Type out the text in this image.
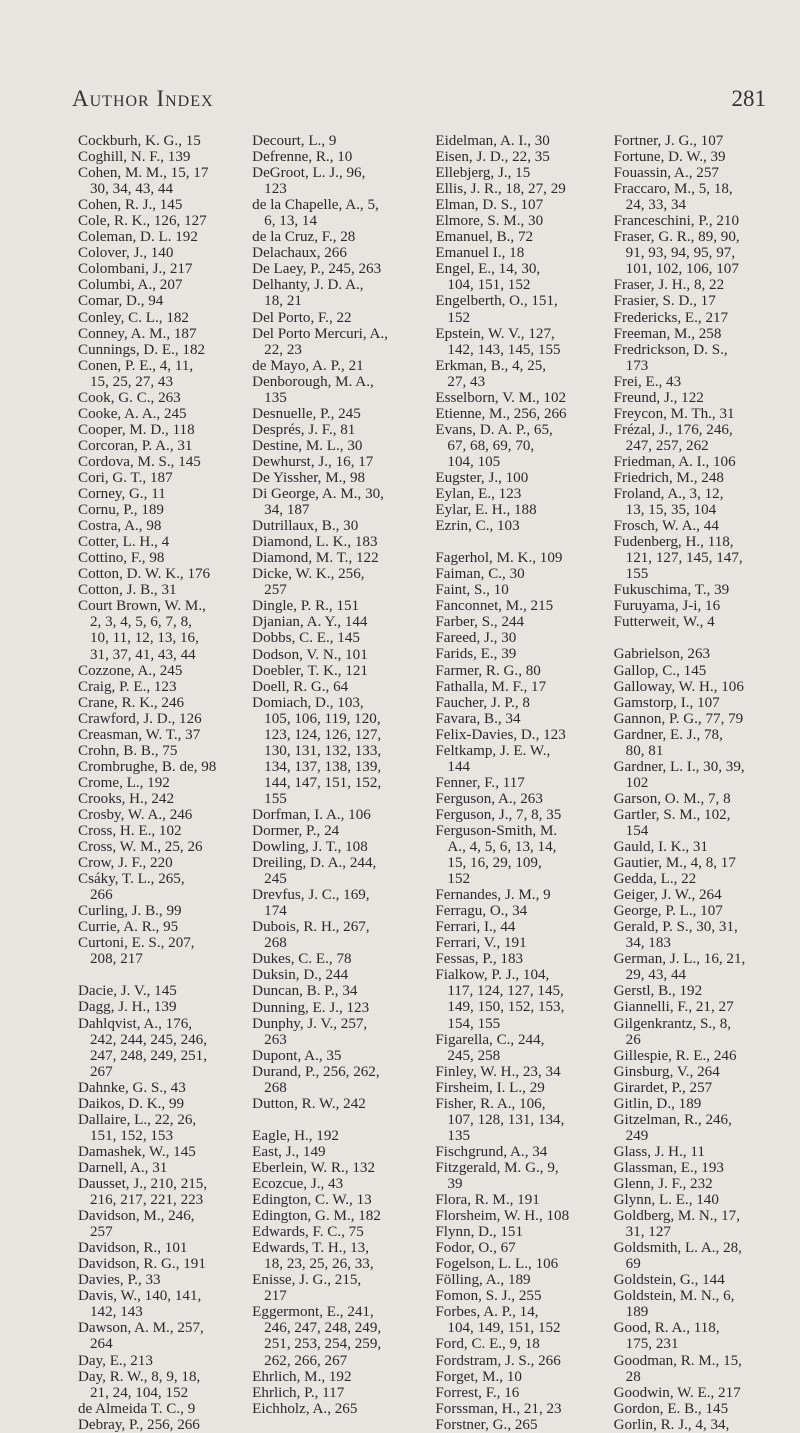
Author Index	281
Cockburh, K. G., 15
Coghill, N. F., 139
Cohen, M. M., 15, 17
30, 34, 43, 44
Cohen, R. J., 145
Cole, R. K., 126, 127
Coleman, D. L. 192
Colover, J., 140
Colombani, J., 217
Columbi, A., 207
Comar, D., 94
Conley, C. L., 182
Conney, A. M., 187
Cunnings, D. E., 182
Conen, P. E., 4, 11,
15, 25, 27, 43
Cook, G. C., 263
Cooke, A. A., 245
Cooper, M. D., 118
Corcoran, P. A., 31
Cordova, M. S., 145
Cori, G. T., 187
Corney, G., 11
Cornu, P., 189
Costra, A., 98
Cotter, L. H., 4
Cottino, F., 98
Cotton, D. W. K., 176
Cotton, J. B., 31
Court Brown, W. M.,
2, 3, 4, 5, 6, 7, 8,
10, 11, 12, 13, 16,
31, 37, 41, 43, 44
Cozzone, A., 245
Craig, P. E., 123
Crane, R. K., 246
Crawford, J. D., 126
Creasman, W. T., 37
Crohn, B. B., 75
Crombrughe, B. de, 98
Crome, L., 192
Crooks, H., 242
Crosby, W. A., 246
Cross, H. E., 102
Cross, W. M., 25, 26
Crow, J. F., 220
Csáky, T. L., 265,
266
Curling, J. B., 99
Currie, A. R., 95
Curtoni, E. S., 207,
208, 217
Dacie, J. V., 145
Dagg, J. H., 139
Dahlqvist, A., 176,
242, 244, 245, 246,
247, 248, 249, 251,
267
Dahnke, G. S., 43
Daikos, D. K., 99
Dallaire, L., 22, 26,
151, 152, 153
Damashek, W., 145
Darnell, A., 31
Dausset, J., 210, 215,
216, 217, 221, 223
Davidson, M., 246,
257
Davidson, R., 101
Davidson, R. G., 191
Davies, P., 33
Davis, W., 140, 141,
142, 143
Dawson, A. M., 257,
264
Day, E., 213
Day, R. W., 8, 9, 18,
21, 24, 104, 152
de Almeida T. C., 9
Debray, P., 256, 266
Decourt, L., 9
Defrenne, R., 10
DeGroot, L. J., 96,
123
de la Chapelle, A., 5,
6, 13, 14
de la Cruz, F., 28
Delachaux, 266
De Laey, P., 245, 263
Delhanty, J. D. A.,
18, 21
Del Porto, F., 22
Del Porto Mercuri, A.,
22, 23
de Mayo, A. P., 21
Denborough, M. A.,
135
Desnuelle, P., 245
Després, J. F., 81
Destine, M. L., 30
Dewhurst, J., 16, 17
De Yissher, M., 98
Di George, A. M., 30,
34, 187
Dutrillaux, B., 30
Diamond, L. K., 183
Diamond, M. T., 122
Dicke, W. K., 256,
257
Dingle, P. R., 151
Djanian, A. Y., 144
Dobbs, C. E., 145
Dodson, V. N., 101
Doebler, T. K., 121
Doell, R. G., 64
Domiach, D., 103,
105, 106, 119, 120,
123, 124, 126, 127,
130, 131, 132, 133,
134, 137, 138, 139,
144, 147, 151, 152,
155
Dorfman, I. A., 106
Dormer, P., 24
Dowling, J. T., 108
Dreiling, D. A., 244,
245
Drevfus, J. C., 169,
174
Dubois, R. H., 267,
268
Dukes, C. E., 78
Duksin, D., 244
Duncan, B. P., 34
Dunning, E. J., 123
Dunphy, J. V., 257,
263
Dupont, A., 35
Durand, P., 256, 262,
268
Dutton, R. W., 242
Eagle, H., 192
East, J., 149
Eberlein, W. R., 132
Ecozcue, J., 43
Edington, C. W., 13
Edington, G. M., 182
Edwards, F. C., 75
Edwards, T. H., 13,
18, 23, 25, 26, 33,
Enisse, J. G., 215,
217
Eggermont, E., 241,
246, 247, 248, 249,
251, 253, 254, 259,
262, 266, 267
Ehrlich, M., 192
Ehrlich, P., 117
Eichholz, A., 265
Eidelman, A. I., 30
Eisen, J. D., 22, 35
Ellebjerg, J., 15
Ellis, J. R., 18, 27, 29
Elman, D. S., 107
Elmore, S. M., 30
Emanuel, B., 72
Emanuel I., 18
Engel, E., 14, 30,
104, 151, 152
Engelberth, O., 151,
152
Epstein, W. V., 127,
142, 143, 145, 155
Erkman, B., 4, 25,
27, 43
Esselborn, V. M., 102
Etienne, M., 256, 266
Evans, D. A. P., 65,
67, 68, 69, 70,
104, 105
Eugster, J., 100
Eylan, E., 123
Eylar, E. H., 188
Ezrin, C., 103
Fagerhol, M. K., 109
Faiman, C., 30
Faint, S., 10
Fanconnet, M., 215
Farber, S., 244
Fareed, J., 30
Farids, E., 39
Farmer, R. G., 80
Fathalla, M. F., 17
Faucher, J. P., 8
Favara, B., 34
Felix-Davies, D., 123
Feltkamp, J. E. W.,
144
Fenner, F., 117
Ferguson, A., 263
Ferguson, J., 7, 8, 35
Ferguson-Smith, M.
A., 4, 5, 6, 13, 14,
15, 16, 29, 109,
152
Fernandes, J. M., 9
Ferragu, O., 34
Ferrari, I., 44
Ferrari, V., 191
Fessas, P., 183
Fialkow, P. J., 104,
117, 124, 127, 145,
149, 150, 152, 153,
154, 155
Figarella, C., 244,
245, 258
Finley, W. H., 23, 34
Firsheim, I. L., 29
Fisher, R. A., 106,
107, 128, 131, 134,
135
Fischgrund, A., 34
Fitzgerald, M. G., 9,
39
Flora, R. M., 191
Florsheim, W. H., 108
Flynn, D., 151
Fodor, O., 67
Fogelson, L. L., 106
Fölling, A., 189
Fomon, S. J., 255
Forbes, A. P., 14,
104, 149, 151, 152
Ford, C. E., 9, 18
Fordstram, J. S., 266
Forget, M., 10
Forrest, F., 16
Forssman, H., 21, 23
Forstner, G., 265
Fortner, J. G., 107
Fortune, D. W., 39
Fouassin, A., 257
Fraccaro, M., 5, 18,
24, 33, 34
Franceschini, P., 210
Fraser, G. R., 89, 90,
91, 93, 94, 95, 97,
101, 102, 106, 107
Fraser, J. H., 8, 22
Frasier, S. D., 17
Fredericks, E., 217
Freeman, M., 258
Fredrickson, D. S.,
173
Frei, E., 43
Freund, J., 122
Freycon, M. Th., 31
Frézal, J., 176, 246,
247, 257, 262
Friedman, A. I., 106
Friedrich, M., 248
Froland, A., 3, 12,
13, 15, 35, 104
Frosch, W. A., 44
Fudenberg, H., 118,
121, 127, 145, 147,
155
Fukuschima, T., 39
Furuyama, J-i, 16
Futterweit, W., 4
Gabrielson, 263
Gallop, C., 145
Galloway, W. H., 106
Gamstorp, I., 107
Gannon, P. G., 77, 79
Gardner, E. J., 78,
80, 81
Gardner, L. I., 30, 39,
102
Garson, O. M., 7, 8
Gartler, S. M., 102,
154
Gauld, I. K., 31
Gautier, M., 4, 8, 17
Gedda, L., 22
Geiger, J. W., 264
George, P. L., 107
Gerald, P. S., 30, 31,
34, 183
German, J. L., 16, 21,
29, 43, 44
Gerstl, B., 192
Giannelli, F., 21, 27
Gilgenkrantz, S., 8,
26
Gillespie, R. E., 246
Ginsburg, V., 264
Girardet, P., 257
Gitlin, D., 189
Gitzelman, R., 246,
249
Glass, J. H., 11
Glassman, E., 193
Glenn, J. F., 232
Glynn, L. E., 140
Goldberg, M. N., 17,
31, 127
Goldsmith, L. A., 28,
69
Goldstein, G., 144
Goldstein, M. N., 6,
189
Good, R. A., 118,
175, 231
Goodman, R. M., 15,
28
Goodwin, W. E., 217
Gordon, E. B., 145
Gorlin, R. J., 4, 34,
